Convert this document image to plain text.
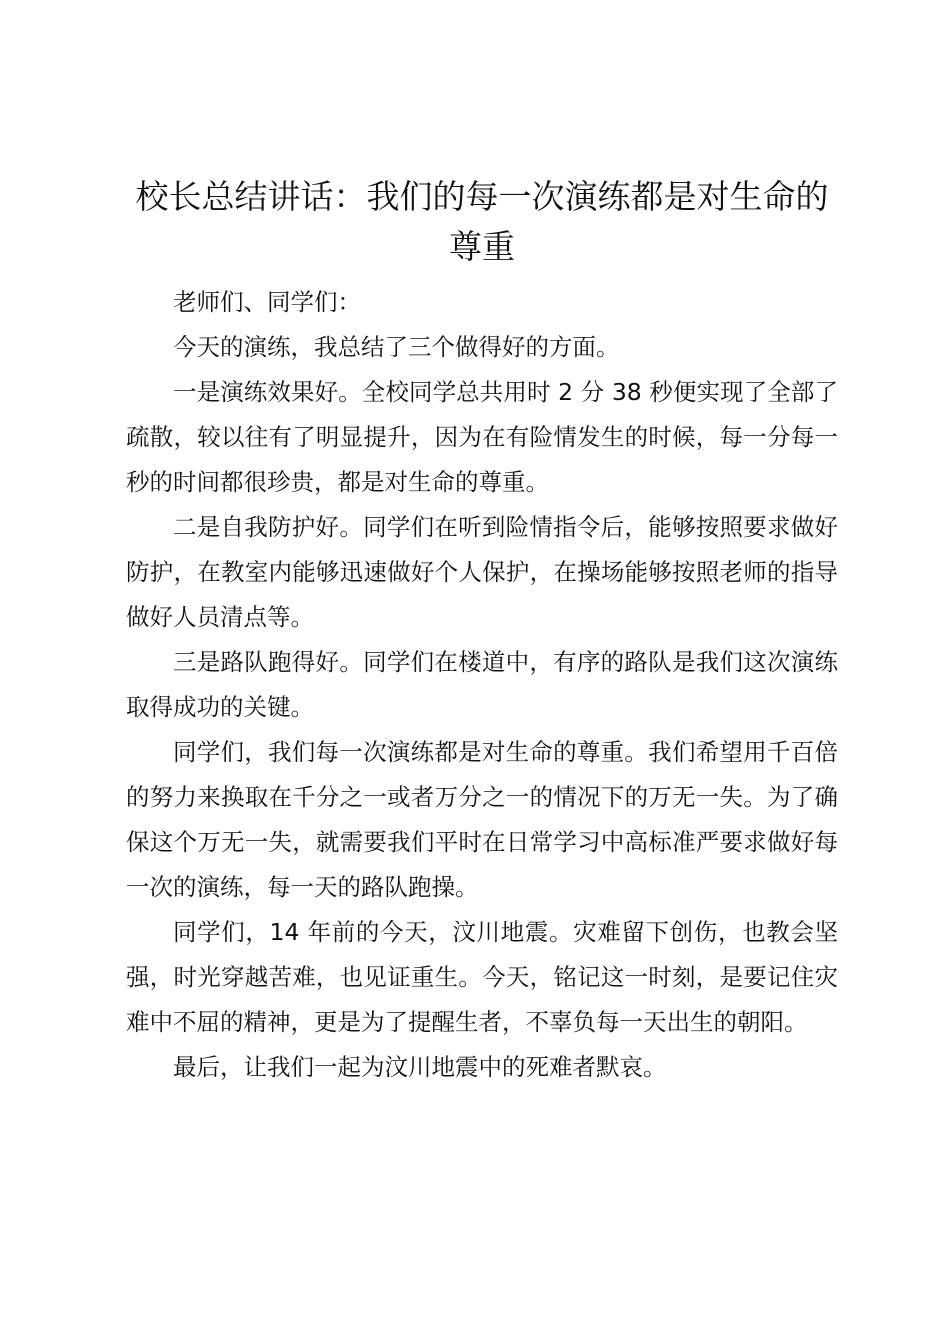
校长总结讲话：我们的每一次演练都是对生命的尊重

老师们、同学们：

今天的演练，我总结了三个做得好的方面。

一是演练效果好。全校同学总共用时 2 分 38 秒便实现了全部了疏散，较以往有了明显提升，因为在有险情发生的时候，每一分每一秒的时间都很珍贵，都是对生命的尊重。

二是自我防护好。同学们在听到险情指令后，能够按照要求做好防护，在教室内能够迅速做好个人保护，在操场能够按照老师的指导做好人员清点等。

三是路队跑得好。同学们在楼道中，有序的路队是我们这次演练取得成功的关键。

同学们，我们每一次演练都是对生命的尊重。我们希望用千百倍的努力来换取在千分之一或者万分之一的情况下的万无一失。为了确保这个万无一失，就需要我们平时在日常学习中高标准严要求做好每一次的演练，每一天的路队跑操。

同学们，14 年前的今天，汶川地震。灾难留下创伤，也教会坚强，时光穿越苦难，也见证重生。今天，铭记这一时刻，是要记住灾难中不屈的精神，更是为了提醒生者，不辜负每一天出生的朝阳。

最后，让我们一起为汶川地震中的死难者默哀。
